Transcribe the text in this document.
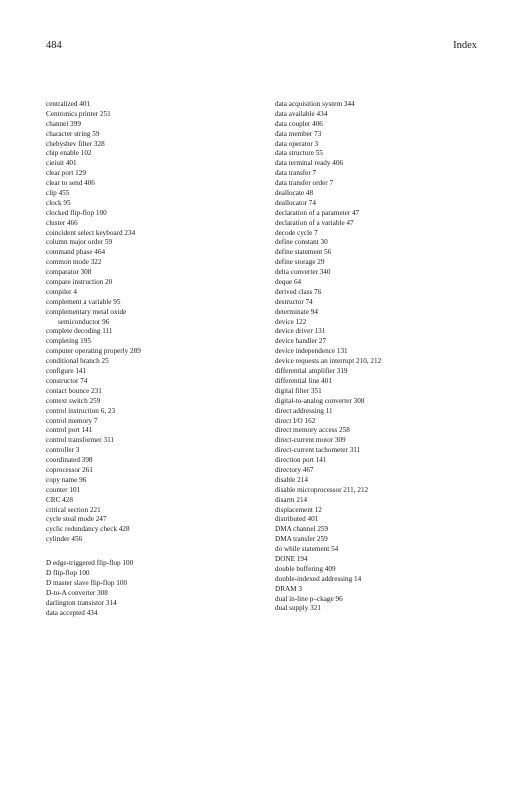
484	Index
centralized 401
Centronics printer 251
channel 399
character string 59
chebyshev filter 328
chip enable 102
cieiuit 401
clear port 129
clear to send 406
clip 455
clock 95
clocked flip-flop 100
cluster 466
coincident select keyboard 234
column major order 59
command phase 464
common mode 322
comparator 308
compare instruction 20
compiler 4
complement a variable 95
complementary metal oxide
semiconductor 96
complete decoding 111
completing 195
computer operating properly 289
conditional branch 25
configure 141
constructor 74
contact bounce 231
context switch 259
control instruction 6, 23
control memory 7
control port 141
control transformer 311
controller 3
coordinated 398
coprocessor 261
copy name 96
counter 101
CRC 428
critical section 221
cycle steal mode 247
cyclic redundancy check 428
cylinder 456
D edge-triggered flip-flop 100
D flip-flop 100
D master slave flip-flop 100
D-to-A converter 308
darlington transistor 314
data accepted 434
data acquisition system 344
data available 434
data coupler 406
data member 73
data operator 3
data structure 55
data terminal ready 406
data transfer 7
data transfer order 7
deallocate 48
deallocator 74
declaration of a parameter 47
declaration of a variable 47
decode cycle 7
define constant 30
define statement 56
define storage 29
delta converter 340
deque 64
derived class 76
destructor 74
determinate 94
device 122
device driver 131
device handler 27
device independence 131
device requests an interrupt 210, 212
differential amplifier 319
differential line 401
digital filter 351
digital-to-analog converter 308
direct addressing 11
direct I/O 162
direct memory access 258
direct-current motor 309
direct-current tachometer 311
direction port 141
directory 467
disable 214
disable microprocessor 211, 212
disarm 214
displacement 12
distributed 401
DMA channel 259
DMA transfer 259
do while statement 54
DONE 194
double buffering 409
double-indexed addressing 14
DRAM 3
dual in-line p–ckage 96
dual supply 321
